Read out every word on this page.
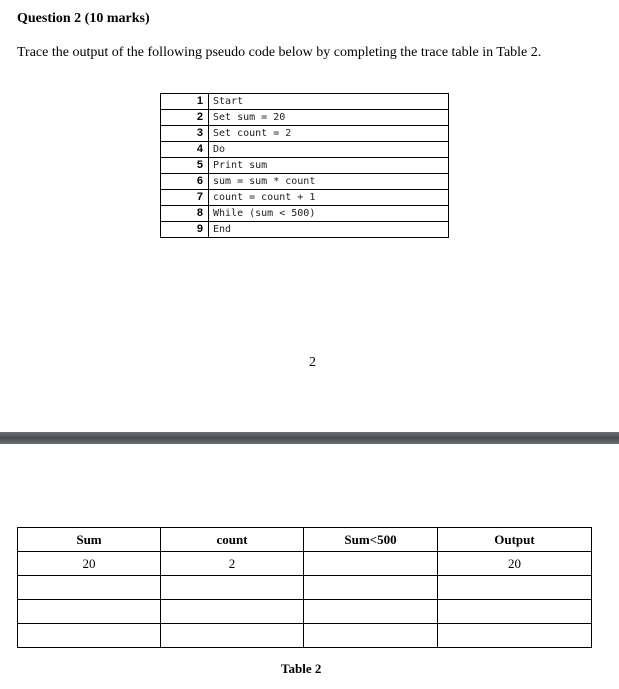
Question 2 (10 marks)
Trace the output of the following pseudo code below by completing the trace table in Table 2.
1	Start
2	Set sum = 20
3	Set count = 2
4	Do
5	Print sum
6	sum = sum * count
7	count = count + 1
8	While (sum < 500)
9	End
2
Sum	count	Sum<500	Output
20	2		20

Table 2
